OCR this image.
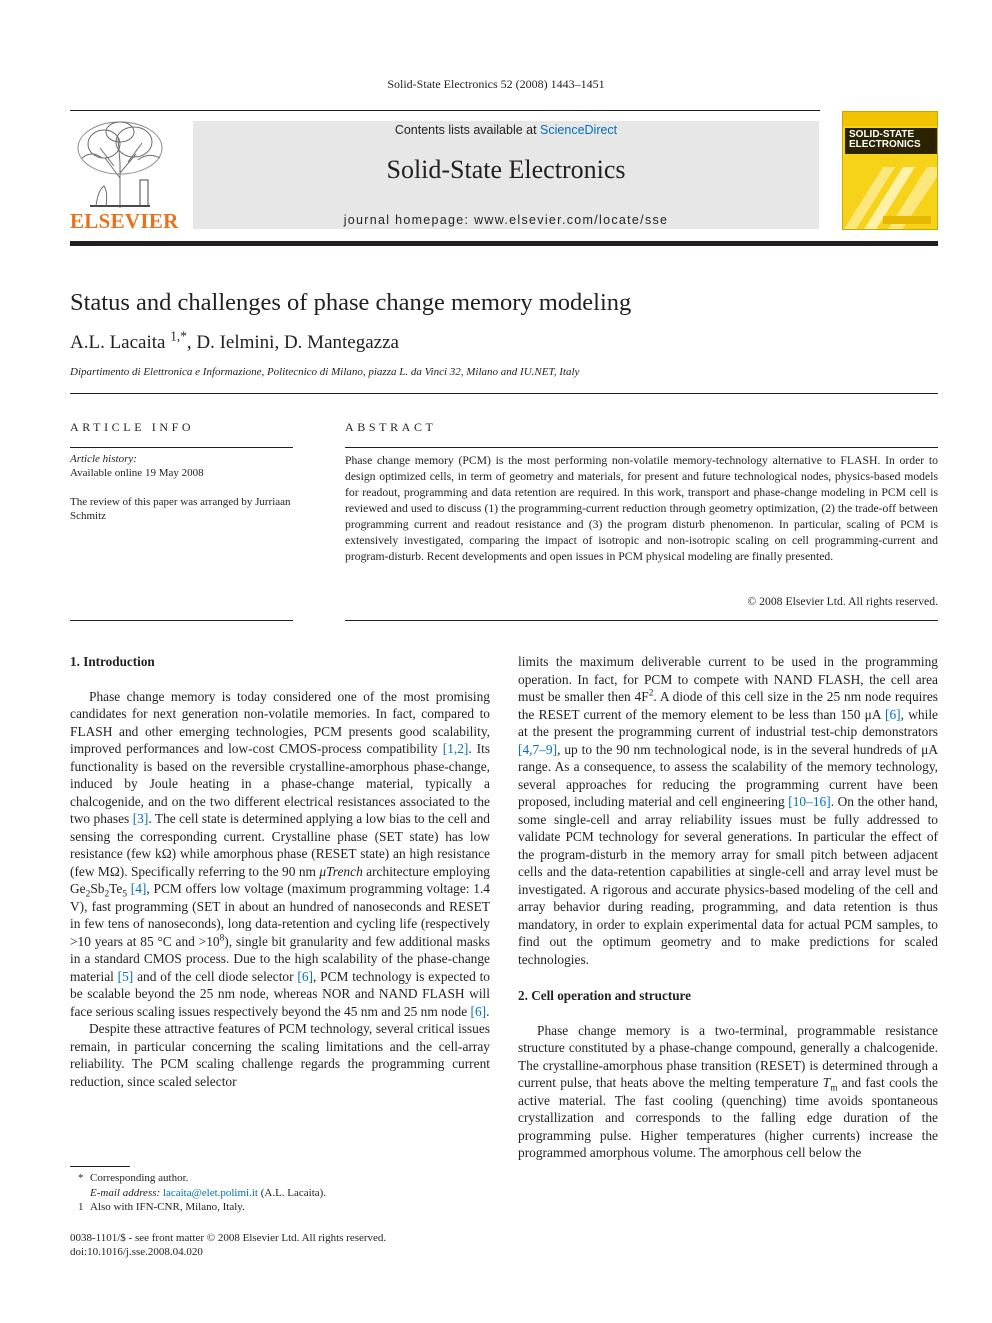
Solid-State Electronics 52 (2008) 1443–1451
ELSEVIER
Contents lists available at ScienceDirect
Solid-State Electronics
journal homepage: www.elsevier.com/locate/sse
SOLID-STATE ELECTRONICS
An international journal
Status and challenges of phase change memory modeling
A.L. Lacaita $^{1,*}$, D. Ielmini, D. Mantegazza
Dipartimento di Elettronica e Informazione, Politecnico di Milano, piazza L. da Vinci 32, Milano and IU.NET, Italy
ARTICLE INFO	ABSTRACT
Article history:
Available online 19 May 2008
The review of this paper was arranged by Jurriaan Schmitz
Phase change memory (PCM) is the most performing non-volatile memory-technology alternative to FLASH. In order to design optimized cells, in term of geometry and materials, for present and future technological nodes, physics-based models for readout, programming and data retention are required. In this work, transport and phase-change modeling in PCM cell is reviewed and used to discuss (1) the programming-current reduction through geometry optimization, (2) the trade-off between programming current and readout resistance and (3) the program disturb phenomenon. In particular, scaling of PCM is extensively investigated, comparing the impact of isotropic and non-isotropic scaling on cell programming-current and program-disturb. Recent developments and open issues in PCM physical modeling are finally presented.
© 2008 Elsevier Ltd. All rights reserved.
1. Introduction

Phase change memory is today considered one of the most promising candidates for next generation non-volatile memories. In fact, compared to FLASH and other emerging technologies, PCM presents good scalability, improved performances and low-cost CMOS-process compatibility [1,2]. Its functionality is based on the reversible crystalline-amorphous phase-change, induced by Joule heating in a phase-change material, typically a chalcogenide, and on the two different electrical resistances associated to the two phases [3]. The cell state is determined applying a low bias to the cell and sensing the corresponding current. Crystalline phase (SET state) has low resistance (few kΩ) while amorphous phase (RESET state) an high resistance (few MΩ). Specifically referring to the 90 nm μTrench architecture employing $Ge_2Sb_2Te_5$ [4], PCM offers low voltage (maximum programming voltage: 1.4 V), fast programming (SET in about an hundred of nanoseconds and RESET in few tens of nanoseconds), long data-retention and cycling life (respectively >10 years at 85 °C and $>10^8$), single bit granularity and few additional masks in a standard CMOS process. Due to the high scalability of the phase-change material [5] and of the cell diode selector [6], PCM technology is expected to be scalable beyond the 25 nm node, whereas NOR and NAND FLASH will face serious scaling issues respectively beyond the 45 nm and 25 nm node [6].

Despite these attractive features of PCM technology, several critical issues remain, in particular concerning the scaling limitations and the cell-array reliability. The PCM scaling challenge regards the programming current reduction, since scaled selector

limits the maximum deliverable current to be used in the programming operation. In fact, for PCM to compete with NAND FLASH, the cell area must be smaller then $4F^2$. A diode of this cell size in the 25 nm node requires the RESET current of the memory element to be less than 150 μA [6], while at the present the programming current of industrial test-chip demonstrators [4,7–9], up to the 90 nm technological node, is in the several hundreds of μA range. As a consequence, to assess the scalability of the memory technology, several approaches for reducing the programming current have been proposed, including material and cell engineering [10–16]. On the other hand, some single-cell and array reliability issues must be fully addressed to validate PCM technology for several generations. In particular the effect of the program-disturb in the memory array for small pitch between adjacent cells and the data-retention capabilities at single-cell and array level must be investigated. A rigorous and accurate physics-based modeling of the cell and array behavior during reading, programming, and data retention is thus mandatory, in order to explain experimental data for actual PCM samples, to find out the optimum geometry and to make predictions for scaled technologies.

2. Cell operation and structure

Phase change memory is a two-terminal, programmable resistance structure constituted by a phase-change compound, generally a chalcogenide. The crystalline-amorphous phase transition (RESET) is determined through a current pulse, that heats above the melting temperature $T_m$ and fast cools the active material. The fast cooling (quenching) time avoids spontaneous crystallization and corresponds to the falling edge duration of the programming pulse. Higher temperatures (higher currents) increase the programmed amorphous volume. The amorphous cell below the

* Corresponding author.
E-mail address: lacaita@elet.polimi.it (A.L. Lacaita).
1 Also with IFN-CNR, Milano, Italy.
0038-1101/$ - see front matter © 2008 Elsevier Ltd. All rights reserved.
doi:10.1016/j.sse.2008.04.020
